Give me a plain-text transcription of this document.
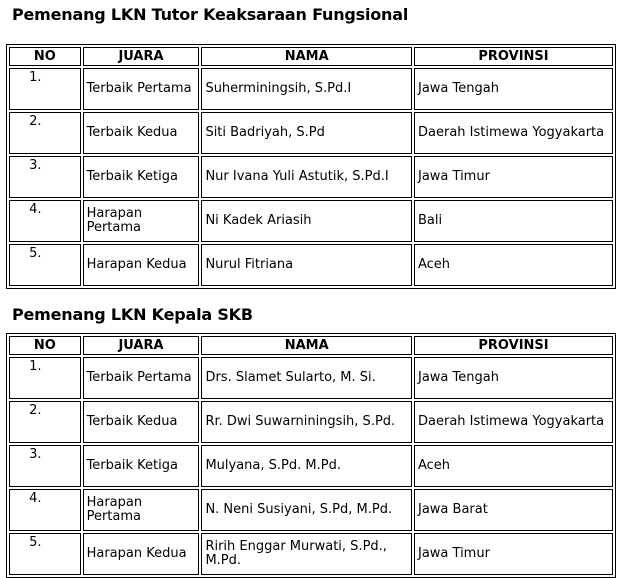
Pemenang LKN Tutor Keaksaraan Fungsional
NO	JUARA	NAMA	PROVINSI
1.	Terbaik Pertama	Suherminingsih, S.Pd.I	Jawa Tengah
2.	Terbaik Kedua	Siti Badriyah, S.Pd	Daerah Istimewa Yogyakarta
3.	Terbaik Ketiga	Nur Ivana Yuli Astutik, S.Pd.I	Jawa Timur
4.	Harapan Pertama	Ni Kadek Ariasih	Bali
5.	Harapan Kedua	Nurul Fitriana	Aceh
Pemenang LKN Kepala SKB
NO	JUARA	NAMA	PROVINSI
1.	Terbaik Pertama	Drs. Slamet Sularto, M. Si.	Jawa Tengah
2.	Terbaik Kedua	Rr. Dwi Suwarniningsih, S.Pd.	Daerah Istimewa Yogyakarta
3.	Terbaik Ketiga	Mulyana, S.Pd. M.Pd.	Aceh
4.	Harapan Pertama	N. Neni Susiyani, S.Pd, M.Pd.	Jawa Barat
5.	Harapan Kedua	Ririh Enggar Murwati, S.Pd., M.Pd.	Jawa Timur
